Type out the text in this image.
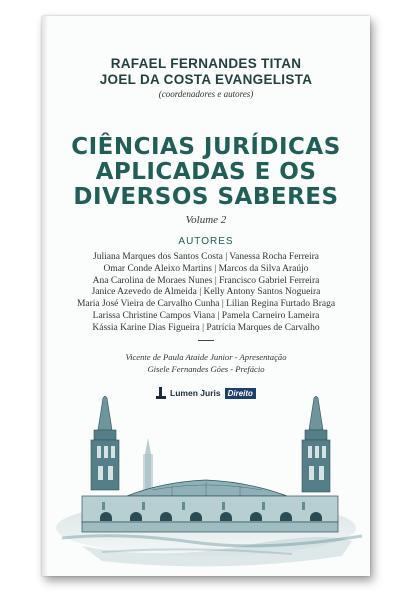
RAFAEL FERNANDES TITAN
JOEL DA COSTA EVANGELISTA
(coordenadores e autores)
CIÊNCIAS JURÍDICAS
APLICADAS E OS
DIVERSOS SABERES
Volume 2
AUTORES
Juliana Marques dos Santos Costa | Vanessa Rocha Ferreira
Omar Conde Aleixo Martins | Marcos da Silva Araújo
Ana Carolina de Moraes Nunes | Francisco Gabriel Ferreira
Janice Azevedo de Almeida | Kelly Antony Santos Nogueira
Maria José Vieira de Carvalho Cunha | Lilian Regina Furtado Braga
Larissa Christine Campos Viana | Pamela Carneiro Lameira
Kássia Karine Dias Figueira | Patrícia Marques de Carvalho
Vicente de Paula Ataide Junior - Apresentação
Gisele Fernandes Góes - Prefácio
Lumen Juris Direito
